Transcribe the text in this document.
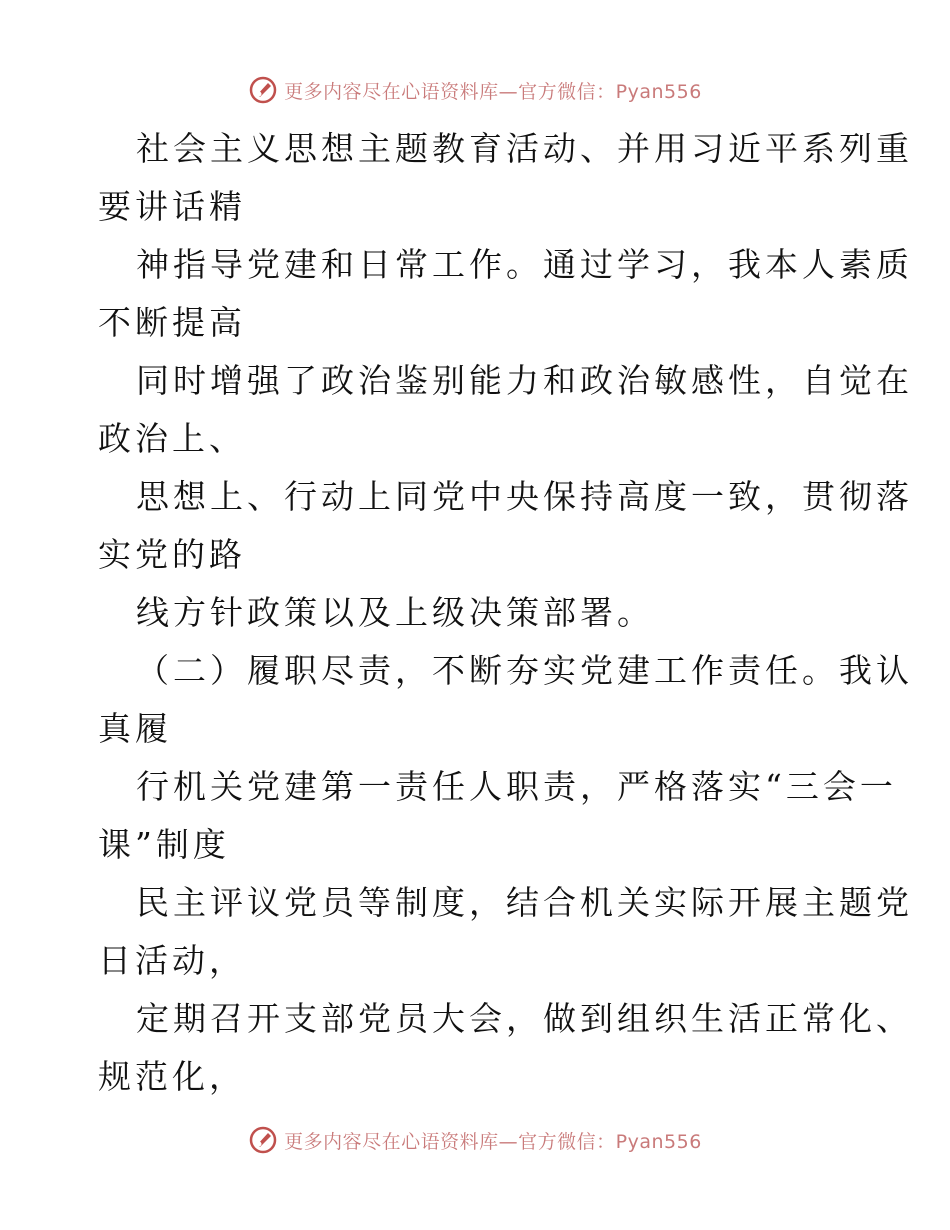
更多内容尽在心语资料库—官方微信：Pyan556

社会主义思想主题教育活动、并用习近平系列重
要讲话精

神指导党建和日常工作。通过学习，我本人素质
不断提高

同时增强了政治鉴别能力和政治敏感性，自觉在
政治上、

思想上、行动上同党中央保持高度一致，贯彻落
实党的路

线方针政策以及上级决策部署。

（二）履职尽责，不断夯实党建工作责任。我认
真履

行机关党建第一责任人职责，严格落实“三会一
课”制度

民主评议党员等制度，结合机关实际开展主题党
日活动，

定期召开支部党员大会，做到组织生活正常化、
规范化，

更多内容尽在心语资料库—官方微信：Pyan556
